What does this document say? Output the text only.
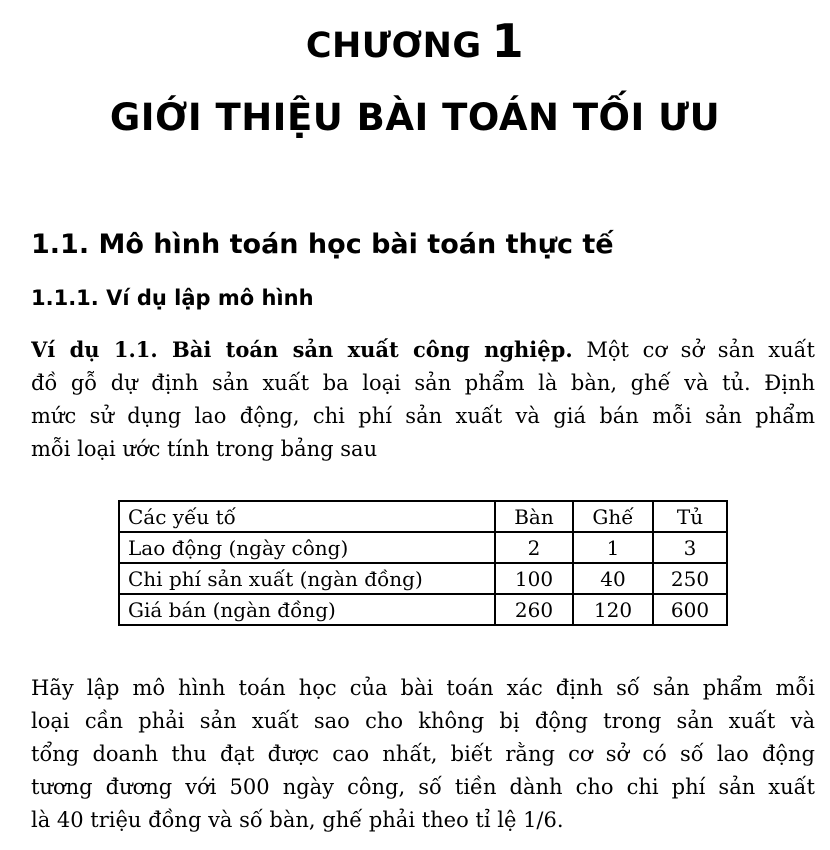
CHƯƠNG 1
GIỚI THIỆU BÀI TOÁN TỐI ƯU
1.1. Mô hình toán học bài toán thực tế
1.1.1. Ví dụ lập mô hình
Ví dụ 1.1. Bài toán sản xuất công nghiệp. Một cơ sở sản xuất
đồ gỗ dự định sản xuất ba loại sản phẩm là bàn, ghế và tủ. Định
mức sử dụng lao động, chi phí sản xuất và giá bán mỗi sản phẩm
mỗi loại ước tính trong bảng sau
Các yếu tố	Bàn	Ghế	Tủ
Lao động (ngày công)	2	1	3
Chi phí sản xuất (ngàn đồng)	100	40	250
Giá bán (ngàn đồng)	260	120	600
Hãy lập mô hình toán học của bài toán xác định số sản phẩm mỗi
loại cần phải sản xuất sao cho không bị động trong sản xuất và
tổng doanh thu đạt được cao nhất, biết rằng cơ sở có số lao động
tương đương với 500 ngày công, số tiền dành cho chi phí sản xuất
là 40 triệu đồng và số bàn, ghế phải theo tỉ lệ 1/6.
